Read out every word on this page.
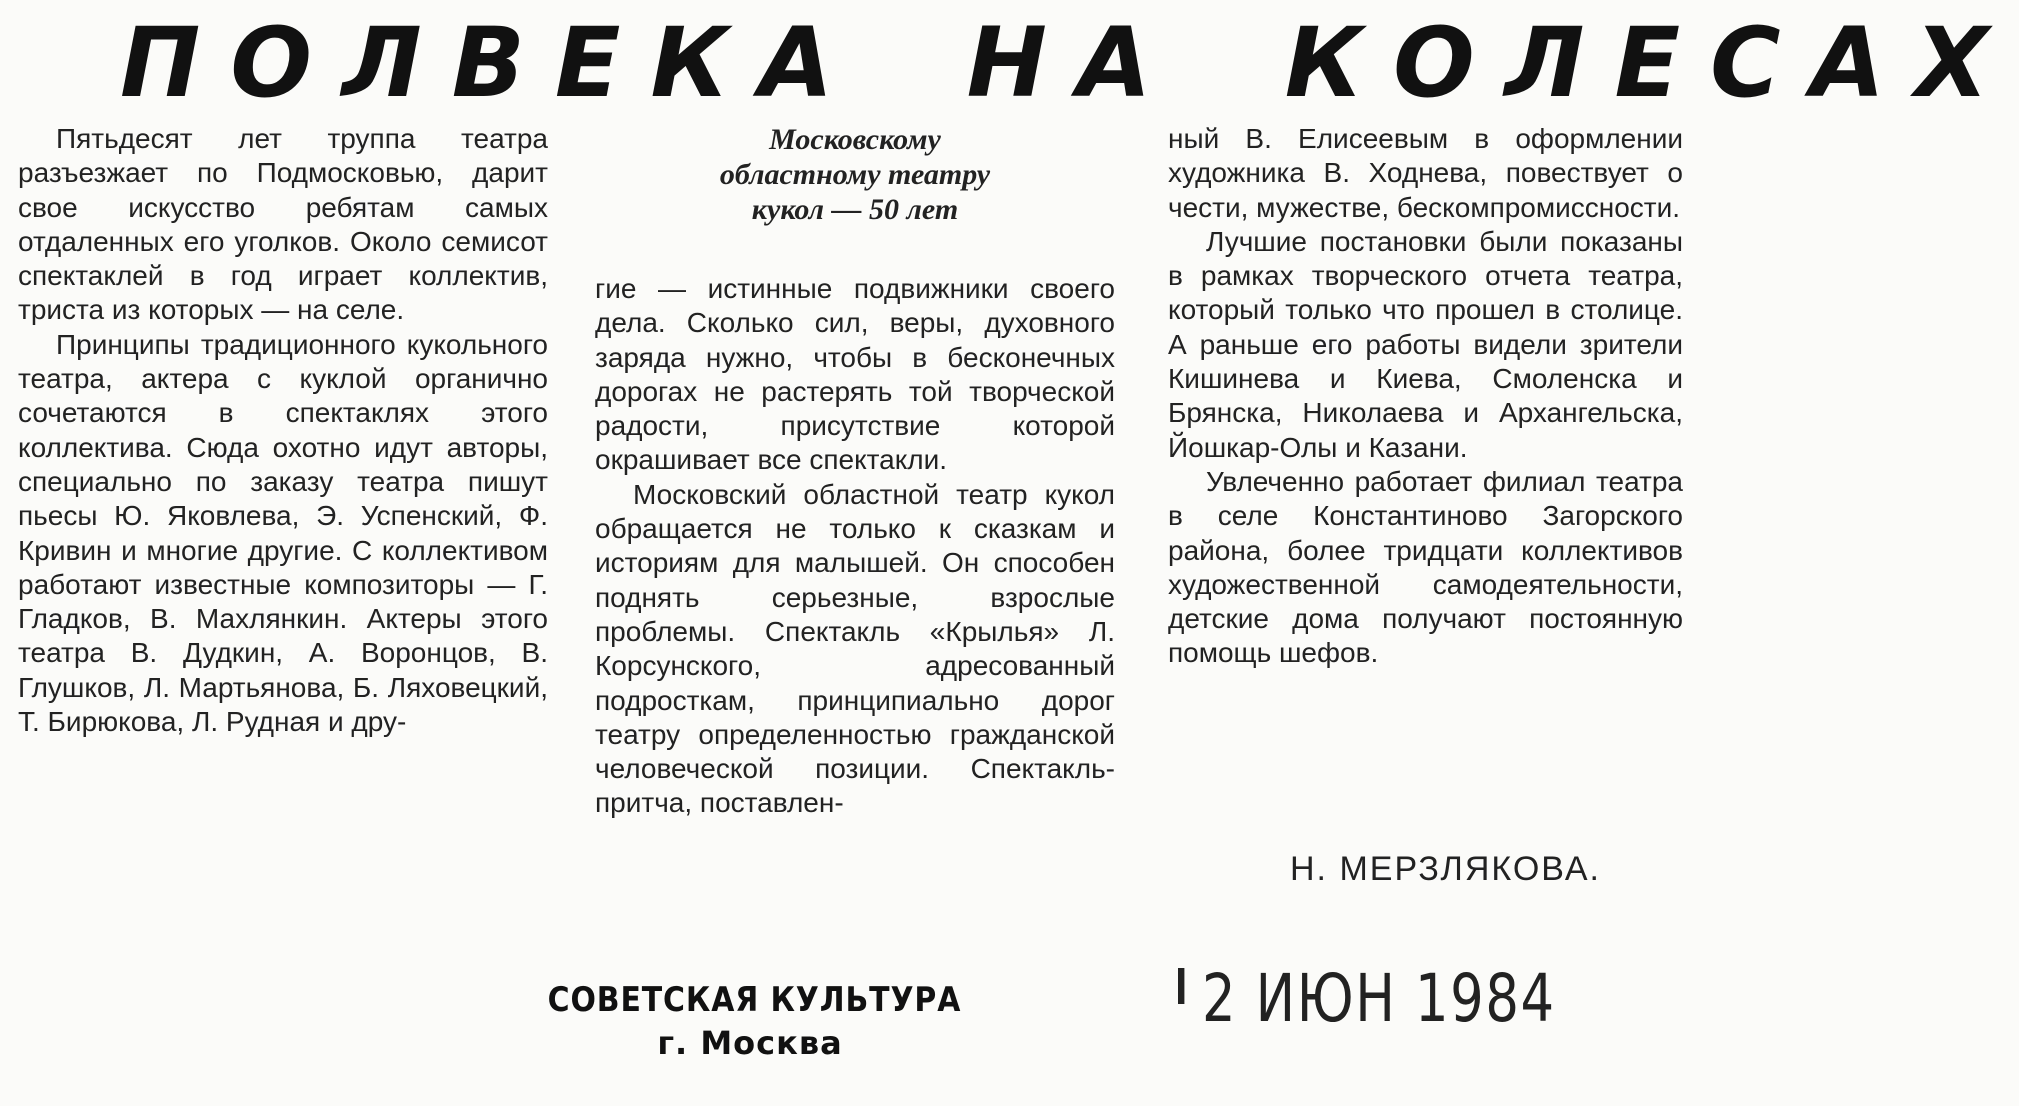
ПОЛВЕКА НА КОЛЕСАХ

Пятьдесят лет труппа театра разъезжает по Подмосковью, дарит свое искусство ребятам самых отдаленных его уголков. Около семисот спектаклей в год играет коллектив, триста из которых — на селе.

Принципы традиционного кукольного театра, актера с куклой органично сочетаются в спектаклях этого коллектива. Сюда охотно идут авторы, специально по заказу театра пишут пьесы Ю. Яковлева, Э. Успенский, Ф. Кривин и многие другие. С коллективом работают известные композиторы — Г. Гладков, В. Махлянкин. Актеры этого театра В. Дудкин, А. Воронцов, В. Глушков, Л. Мартьянова, Б. Ляховецкий, Т. Бирюкова, Л. Рудная и дру-

Московскому
областному театру
кукол — 50 лет

гие — истинные подвижники своего дела. Сколько сил, веры, духовного заряда нужно, чтобы в бесконечных дорогах не растерять той творческой радости, присутствие которой окрашивает все спектакли.

Московский областной театр кукол обращается не только к сказкам и историям для малышей. Он способен поднять серьезные, взрослые проблемы. Спектакль «Крылья» Л. Корсунского, адресованный подросткам, принципиально дорог театру определенностью гражданской человеческой позиции. Спектакль-притча, поставлен-

ный В. Елисеевым в оформлении художника В. Ходнева, повествует о чести, мужестве, бескомпромиссности.

Лучшие постановки были показаны в рамках творческого отчета театра, который только что прошел в столице. А раньше его работы видели зрители Кишинева и Киева, Смоленска и Брянска, Николаева и Архангельска, Йошкар-Олы и Казани.

Увлеченно работает филиал театра в селе Константиново Загорского района, более тридцати коллективов художественной самодеятельности, детские дома получают постоянную помощь шефов.

Н. МЕРЗЛЯКОВА.
СОВЕТСКАЯ КУЛЬТУРА
г. Москва
2 ИЮН 1984
